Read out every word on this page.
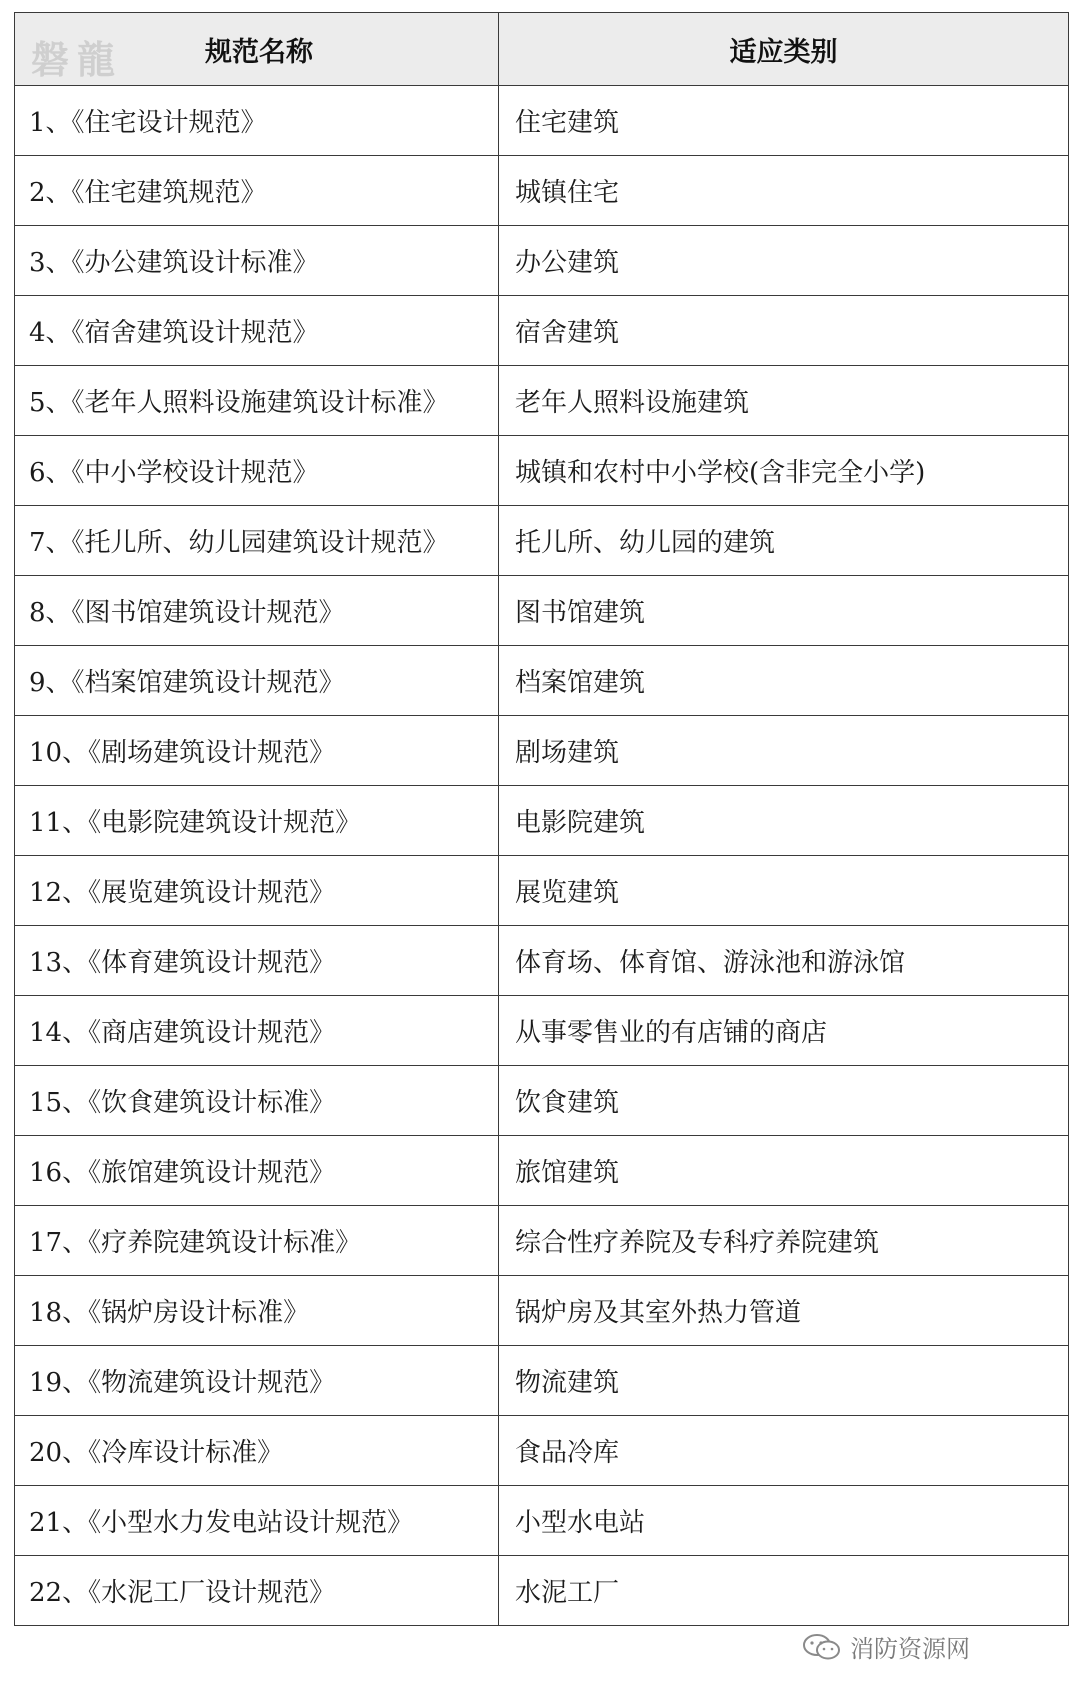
磐龍 规范名称	适应类别

1、《住宅设计规范》	住宅建筑
2、《住宅建筑规范》	城镇住宅
3、《办公建筑设计标准》	办公建筑
4、《宿舍建筑设计规范》	宿舍建筑
5、《老年人照料设施建筑设计标准》	老年人照料设施建筑
6、《中小学校设计规范》	城镇和农村中小学校(含非完全小学)
7、《托儿所、幼儿园建筑设计规范》	托儿所、幼儿园的建筑
8、《图书馆建筑设计规范》	图书馆建筑
9、《档案馆建筑设计规范》	档案馆建筑
10、《剧场建筑设计规范》	剧场建筑
11、《电影院建筑设计规范》	电影院建筑
12、《展览建筑设计规范》	展览建筑
13、《体育建筑设计规范》	体育场、体育馆、游泳池和游泳馆
14、《商店建筑设计规范》	从事零售业的有店铺的商店
15、《饮食建筑设计标准》	饮食建筑
16、《旅馆建筑设计规范》	旅馆建筑
17、《疗养院建筑设计标准》	综合性疗养院及专科疗养院建筑
18、《锅炉房设计标准》	锅炉房及其室外热力管道
19、《物流建筑设计规范》	物流建筑
20、《冷库设计标准》	食品冷库
21、《小型水力发电站设计规范》	小型水电站
22、《水泥工厂设计规范》	水泥工厂
消防资源网
